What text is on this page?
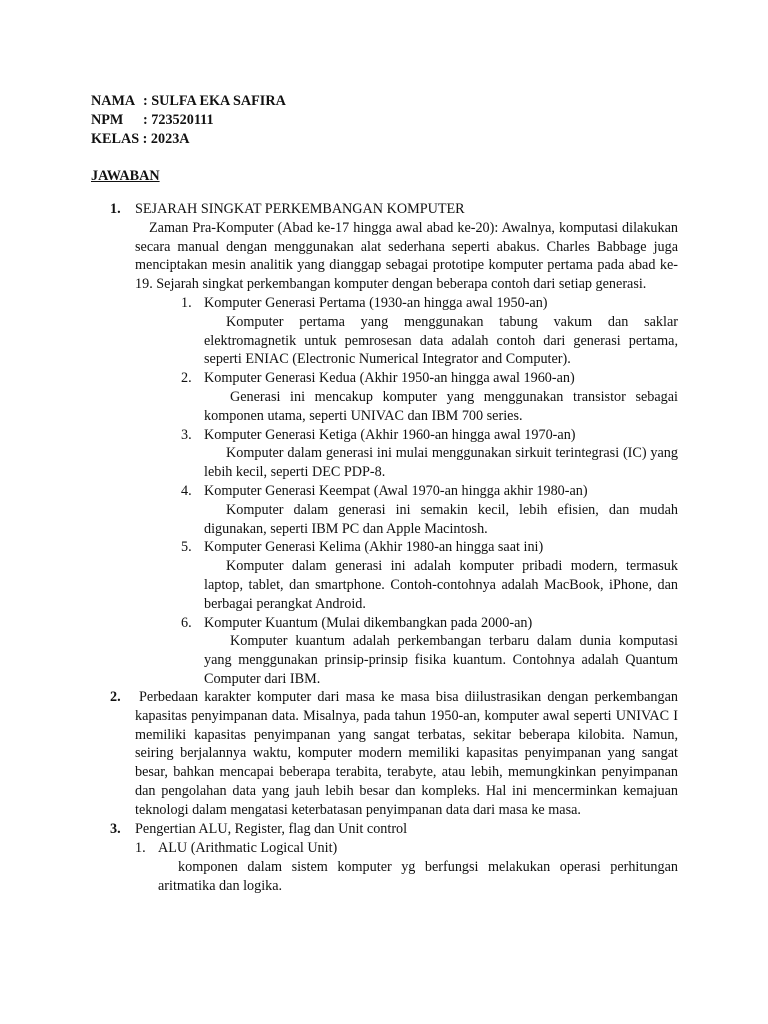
NAMA : SULFA EKA SAFIRA
NPM : 723520111
KELAS : 2023A
JAWABAN
1. SEJARAH SINGKAT PERKEMBANGAN KOMPUTER

Zaman Pra-Komputer (Abad ke-17 hingga awal abad ke-20): Awalnya, komputasi dilakukan secara manual dengan menggunakan alat sederhana seperti abakus. Charles Babbage juga menciptakan mesin analitik yang dianggap sebagai prototipe komputer pertama pada abad ke-19. Sejarah singkat perkembangan komputer dengan beberapa contoh dari setiap generasi.

1. Komputer Generasi Pertama (1930-an hingga awal 1950-an)

Komputer pertama yang menggunakan tabung vakum dan saklar elektromagnetik untuk pemrosesan data adalah contoh dari generasi pertama, seperti ENIAC (Electronic Numerical Integrator and Computer).

2. Komputer Generasi Kedua (Akhir 1950-an hingga awal 1960-an)

Generasi ini mencakup komputer yang menggunakan transistor sebagai komponen utama, seperti UNIVAC dan IBM 700 series.

3. Komputer Generasi Ketiga (Akhir 1960-an hingga awal 1970-an)

Komputer dalam generasi ini mulai menggunakan sirkuit terintegrasi (IC) yang lebih kecil, seperti DEC PDP-8.

4. Komputer Generasi Keempat (Awal 1970-an hingga akhir 1980-an)

Komputer dalam generasi ini semakin kecil, lebih efisien, dan mudah digunakan, seperti IBM PC dan Apple Macintosh.

5. Komputer Generasi Kelima (Akhir 1980-an hingga saat ini)

Komputer dalam generasi ini adalah komputer pribadi modern, termasuk laptop, tablet, dan smartphone. Contoh-contohnya adalah MacBook, iPhone, dan berbagai perangkat Android.

6. Komputer Kuantum (Mulai dikembangkan pada 2000-an)

Komputer kuantum adalah perkembangan terbaru dalam dunia komputasi yang menggunakan prinsip-prinsip fisika kuantum. Contohnya adalah Quantum Computer dari IBM.

2. Perbedaan karakter komputer dari masa ke masa bisa diilustrasikan dengan perkembangan kapasitas penyimpanan data. Misalnya, pada tahun 1950-an, komputer awal seperti UNIVAC I memiliki kapasitas penyimpanan yang sangat terbatas, sekitar beberapa kilobita. Namun, seiring berjalannya waktu, komputer modern memiliki kapasitas penyimpanan yang sangat besar, bahkan mencapai beberapa terabita, terabyte, atau lebih, memungkinkan penyimpanan dan pengolahan data yang jauh lebih besar dan kompleks. Hal ini mencerminkan kemajuan teknologi dalam mengatasi keterbatasan penyimpanan data dari masa ke masa.

3. Pengertian ALU, Register, flag dan Unit control
1. ALU (Arithmatic Logical Unit)

komponen dalam sistem komputer yg berfungsi melakukan operasi perhitungan aritmatika dan logika.
